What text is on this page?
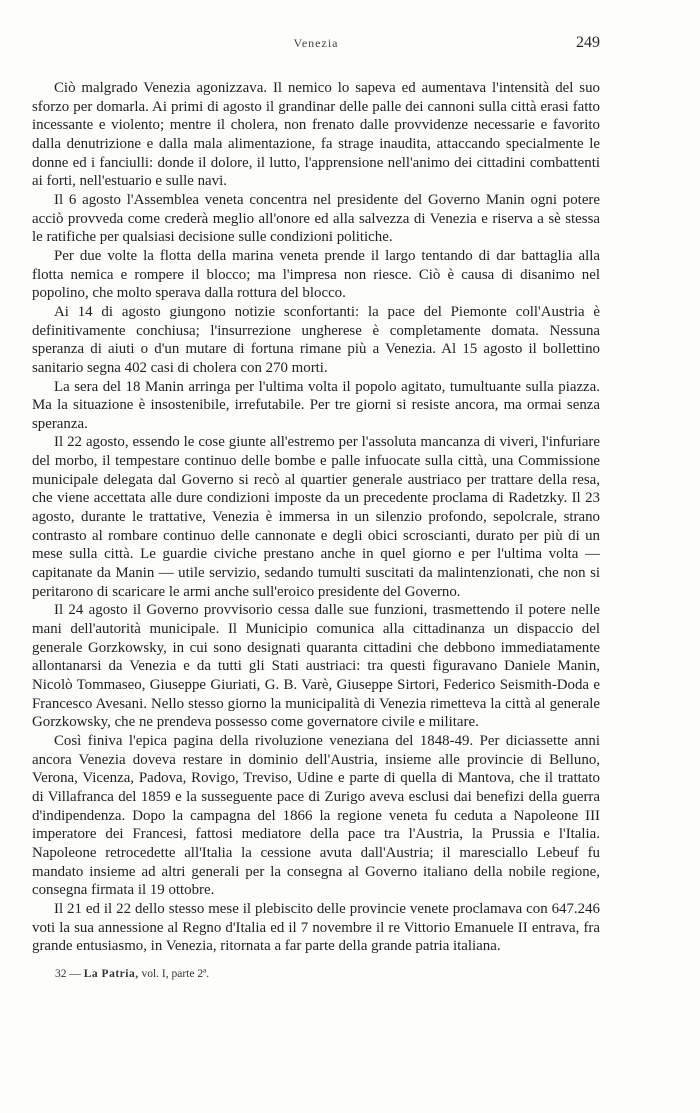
Venezia	249

Ciò malgrado Venezia agonizzava. Il nemico lo sapeva ed aumentava l'intensità del suo sforzo per domarla. Ai primi di agosto il grandinar delle palle dei cannoni sulla città erasi fatto incessante e violento; mentre il cholera, non frenato dalle provvidenze necessarie e favorito dalla denutrizione e dalla mala alimentazione, fa strage inaudita, attaccando specialmente le donne ed i fanciulli: donde il dolore, il lutto, l'apprensione nell'animo dei cittadini combattenti ai forti, nell'estuario e sulle navi.

Il 6 agosto l'Assemblea veneta concentra nel presidente del Governo Manin ogni potere acciò provveda come crederà meglio all'onore ed alla salvezza di Venezia e riserva a sè stessa le ratifiche per qualsiasi decisione sulle condizioni politiche.

Per due volte la flotta della marina veneta prende il largo tentando di dar battaglia alla flotta nemica e rompere il blocco; ma l'impresa non riesce. Ciò è causa di disanimo nel popolino, che molto sperava dalla rottura del blocco.

Ai 14 di agosto giungono notizie sconfortanti: la pace del Piemonte coll'Austria è definitivamente conchiusa; l'insurrezione ungherese è completamente domata. Nessuna speranza di aiuti o d'un mutare di fortuna rimane più a Venezia. Al 15 agosto il bollettino sanitario segna 402 casi di cholera con 270 morti.

La sera del 18 Manin arringa per l'ultima volta il popolo agitato, tumultuante sulla piazza. Ma la situazione è insostenibile, irrefutabile. Per tre giorni si resiste ancora, ma ormai senza speranza.

Il 22 agosto, essendo le cose giunte all'estremo per l'assoluta mancanza di viveri, l'infuriare del morbo, il tempestare continuo delle bombe e palle infuocate sulla città, una Commissione municipale delegata dal Governo si recò al quartier generale austriaco per trattare della resa, che viene accettata alle dure condizioni imposte da un precedente proclama di Radetzky. Il 23 agosto, durante le trattative, Venezia è immersa in un silenzio profondo, sepolcrale, strano contrasto al rombare continuo delle cannonate e degli obici scroscianti, durato per più di un mese sulla città. Le guardie civiche prestano anche in quel giorno e per l'ultima volta — capitanate da Manin — utile servizio, sedando tumulti suscitati da malintenzionati, che non si peritarono di scaricare le armi anche sull'eroico presidente del Governo.

Il 24 agosto il Governo provvisorio cessa dalle sue funzioni, trasmettendo il potere nelle mani dell'autorità municipale. Il Municipio comunica alla cittadinanza un dispaccio del generale Gorzkowsky, in cui sono designati quaranta cittadini che debbono immediatamente allontanarsi da Venezia e da tutti gli Stati austriaci: tra questi figuravano Daniele Manin, Nicolò Tommaseo, Giuseppe Giuriati, G. B. Varè, Giuseppe Sirtori, Federico Seismith-Doda e Francesco Avesani. Nello stesso giorno la municipalità di Venezia rimetteva la città al generale Gorzkowsky, che ne prendeva possesso come governatore civile e militare.

Così finiva l'epica pagina della rivoluzione veneziana del 1848-49. Per diciassette anni ancora Venezia doveva restare in dominio dell'Austria, insieme alle provincie di Belluno, Verona, Vicenza, Padova, Rovigo, Treviso, Udine e parte di quella di Mantova, che il trattato di Villafranca del 1859 e la susseguente pace di Zurigo aveva esclusi dai benefizi della guerra d'indipendenza. Dopo la campagna del 1866 la regione veneta fu ceduta a Napoleone III imperatore dei Francesi, fattosi mediatore della pace tra l'Austria, la Prussia e l'Italia. Napoleone retrocedette all'Italia la cessione avuta dall'Austria; il maresciallo Lebeuf fu mandato insieme ad altri generali per la consegna al Governo italiano della nobile regione, consegna firmata il 19 ottobre.

Il 21 ed il 22 dello stesso mese il plebiscito delle provincie venete proclamava con 647.246 voti la sua annessione al Regno d'Italia ed il 7 novembre il re Vittorio Emanuele II entrava, fra grande entusiasmo, in Venezia, ritornata a far parte della grande patria italiana.

32 — La Patria, vol. I, parte 2ª.
